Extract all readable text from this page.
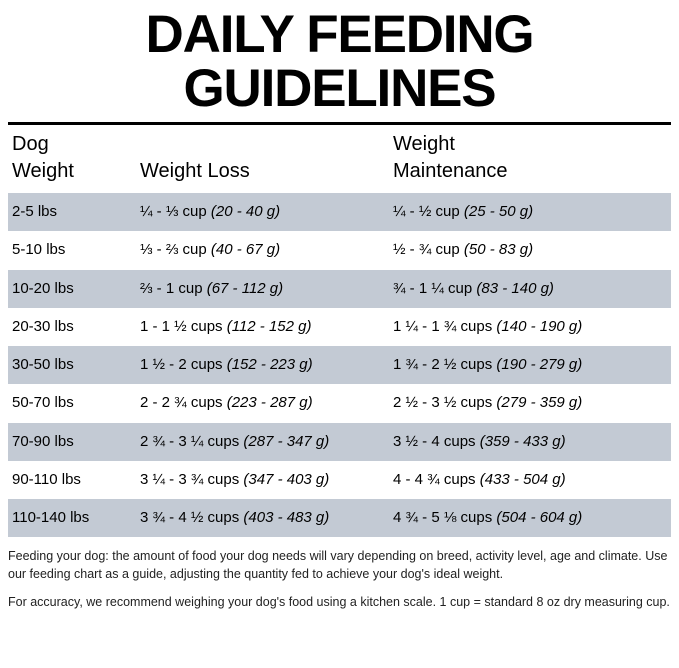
DAILY FEEDING
GUIDELINES
Dog
Weight	Weight Loss	Weight
Maintenance

2-5 lbs	¼ - ⅓ cup (20 - 40 g)	¼ - ½ cup (25 - 50 g)
5-10 lbs	⅓ - ⅔ cup (40 - 67 g)	½ - ¾ cup (50 - 83 g)
10-20 lbs	⅔ - 1 cup (67 - 112 g)	¾ - 1 ¼ cup (83 - 140 g)
20-30 lbs	1 - 1 ½ cups (112 - 152 g)	1 ¼ - 1 ¾ cups (140 - 190 g)
30-50 lbs	1 ½ - 2 cups (152 - 223 g)	1 ¾ - 2 ½ cups (190 - 279 g)
50-70 lbs	2 - 2 ¾ cups (223 - 287 g)	2 ½ - 3 ½ cups (279 - 359 g)
70-90 lbs	2 ¾ - 3 ¼ cups (287 - 347 g)	3 ½ - 4 cups (359 - 433 g)
90-110 lbs	3 ¼ - 3 ¾ cups (347 - 403 g)	4 - 4 ¾ cups (433 - 504 g)
110-140 lbs	3 ¾ - 4 ½ cups (403 - 483 g)	4 ¾ - 5 ⅛ cups (504 - 604 g)

Feeding your dog: the amount of food your dog needs will vary depending on breed, activity level, age and climate. Use our feeding chart as a guide, adjusting the quantity fed to achieve your dog's ideal weight.

For accuracy, we recommend weighing your dog's food using a kitchen scale. 1 cup = standard 8 oz dry measuring cup.
